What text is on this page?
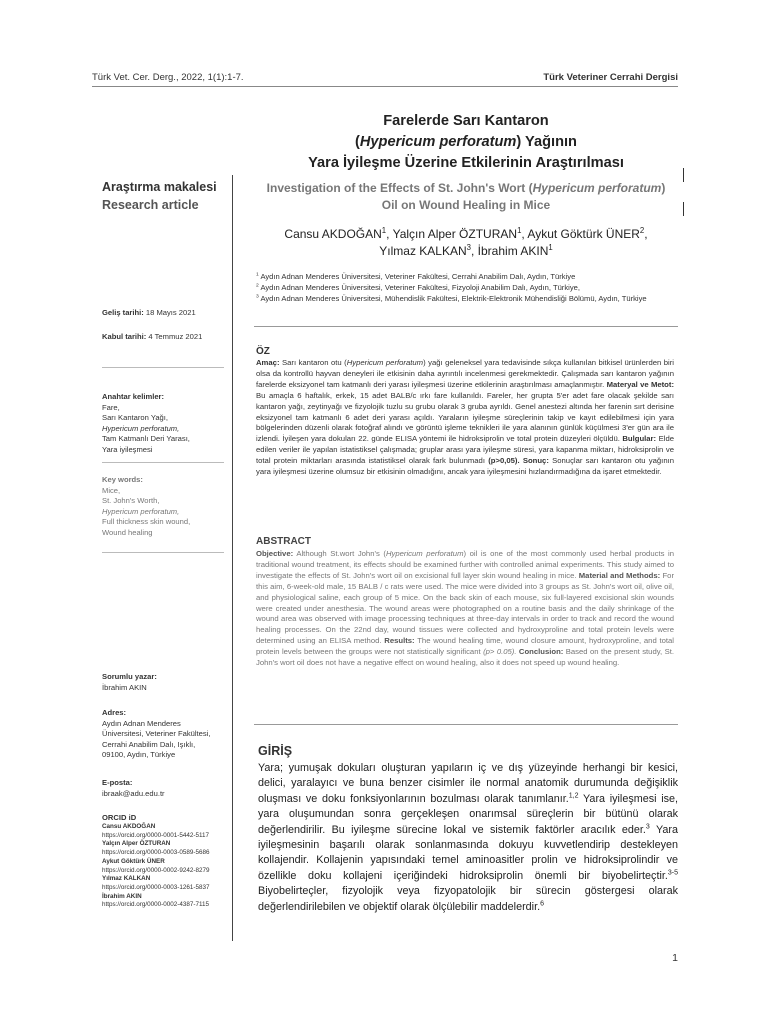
Türk Vet. Cer. Derg., 2022, 1(1):1-7.	Türk Veteriner Cerrahi Dergisi
Farelerde Sarı Kantaron
(Hypericum perforatum) Yağının
Yara İyileşme Üzerine Etkilerinin Araştırılması
Investigation of the Effects of St. John's Wort (Hypericum perforatum)
Oil on Wound Healing in Mice
Araştırma makalesi
Research article
Cansu AKDOĞAN$^1$, Yalçın Alper ÖZTURAN$^1$, Aykut Göktürk ÜNER$^2$,
Yılmaz KALKAN$^3$, İbrahim AKIN$^1$
$^1$ Aydın Adnan Menderes Üniversitesi, Veteriner Fakültesi, Cerrahi Anabilim Dalı, Aydın, Türkiye
$^2$ Aydın Adnan Menderes Üniversitesi, Veteriner Fakültesi, Fizyoloji Anabilim Dalı, Aydın, Türkiye,
$^3$ Aydın Adnan Menderes Üniversitesi, Mühendislik Fakültesi, Elektrik-Elektronik Mühendisliği Bölümü, Aydın, Türkiye
Geliş tarihi: 18 Mayıs 2021
Kabul tarihi: 4 Temmuz 2021
Anahtar kelimler:
Fare,
Sarı Kantaron Yağı,
Hypericum perforatum,
Tam Katmanlı Deri Yarası,
Yara iyileşmesi
Key words:
Mice,
St. John's Worth,
Hypericum perforatum,
Full thickness skin wound,
Wound healing
Sorumlu yazar:
İbrahim AKIN
Adres:
Aydın Adnan Menderes
Üniversitesi, Veteriner Fakültesi,
Cerrahi Anabilim Dalı, Işıklı,
09100, Aydın, Türkiye
E-posta:
ibraak@adu.edu.tr
ORCID iD
Cansu AKDOĞAN
https://orcid.org/0000-0001-5442-5117
Yalçın Alper ÖZTURAN
https://orcid.org/0000-0003-0589-5686
Aykut Göktürk ÜNER
https://orcid.org/0000-0002-9242-8279
Yılmaz KALKAN
https://orcid.org/0000-0003-1261-5837
İbrahim AKIN
https://orcid.org/0000-0002-4387-7115
ÖZ
Amaç: Sarı kantaron otu (Hypericum perforatum) yağı geleneksel yara tedavisinde sıkça kullanılan bitkisel ürünlerden biri olsa da kontrollü hayvan deneyleri ile etkisinin daha ayrıntılı incelenmesi gerekmektedir. Çalışmada sarı kantaron yağının farelerde eksizyonel tam katmanlı deri yarası iyileşmesi üzerine etkilerinin araştırılması amaçlanmıştır. Materyal ve Metot: Bu amaçla 6 haftalık, erkek, 15 adet BALB/c ırkı fare kullanıldı. Fareler, her grupta 5'er adet fare olacak şekilde sarı kantaron yağı, zeytinyağı ve fizyolojik tuzlu su grubu olarak 3 gruba ayrıldı. Genel anestezi altında her farenin sırt derisine eksizyonel tam katmanlı 6 adet deri yarası açıldı. Yaraların iyileşme süreçlerinin takip ve kayıt edilebilmesi için yara bölgelerinden düzenli olarak fotoğraf alındı ve görüntü işleme teknikleri ile yara alanının günlük küçülmesi 3'er gün ara ile izlendi. İyileşen yara dokuları 22. günde ELISA yöntemi ile hidroksiprolin ve total protein düzeyleri ölçüldü. Bulgular: Elde edilen veriler ile yapılan istatistiksel çalışmada; gruplar arası yara iyileşme süresi, yara kapanma miktarı, hidroksiprolin ve total protein miktarları arasında istatistiksel olarak fark bulunmadı (p>0,05). Sonuç: Sonuçlar sarı kantaron otu yağının yara iyileşmesi üzerine olumsuz bir etkisinin olmadığını, ancak yara iyileşmesini hızlandırmadığına da işaret etmektedir.
ABSTRACT
Objective: Although St.wort John's (Hypericum perforatum) oil is one of the most commonly used herbal products in traditional wound treatment, its effects should be examined further with controlled animal experiments. This study aimed to investigate the effects of St. John's wort oil on excisional full layer skin wound healing in mice. Material and Methods: For this aim, 6-week-old male, 15 BALB / c rats were used. The mice were divided into 3 groups as St. John's wort oil, olive oil, and physiological saline, each group of 5 mice. On the back skin of each mouse, six full-layered excisional skin wounds were created under anesthesia. The wound areas were photographed on a routine basis and the daily shrinkage of the wound area was observed with image processing techniques at three-day intervals in order to track and record the wound healing processes. On the 22nd day, wound tissues were collected and hydroxyproline and total protein levels were determined using an ELISA method. Results: The wound healing time, wound closure amount, hydroxyproline, and total protein levels between the groups were not statistically significant (p> 0.05). Conclusion: Based on the present study, St. John's wort oil does not have a negative effect on wound healing, also it does not speed up wound healing.
GİRİŞ
Yara; yumuşak dokuları oluşturan yapıların iç ve dış yüzeyinde herhangi bir kesici, delici, yaralayıcı ve buna benzer cisimler ile normal anatomik durumunda değişiklik oluşması ve doku fonksiyonlarının bozulması olarak tanımlanır.$^{1,2}$ Yara iyileşmesi ise, yara oluşumundan sonra gerçekleşen onarımsal süreçlerin bir bütünü olarak değerlendirilir. Bu iyileşme sürecine lokal ve sistemik faktörler aracılık eder.$^3$ Yara iyileşmesinin başarılı olarak sonlanmasında dokuyu kuvvetlendirip destekleyen kollajendir. Kollajenin yapısındaki temel aminoasitler prolin ve hidroksiprolindir ve özellikle doku kollajeni içeriğindeki hidroksiprolin önemli bir biyobelirteçtir.$^{3-5}$ Biyobelirteçler, fizyolojik veya fizyopatolojik bir sürecin göstergesi olarak değerlendirilebilen ve objektif olarak ölçülebilir maddelerdir.$^6$
1
